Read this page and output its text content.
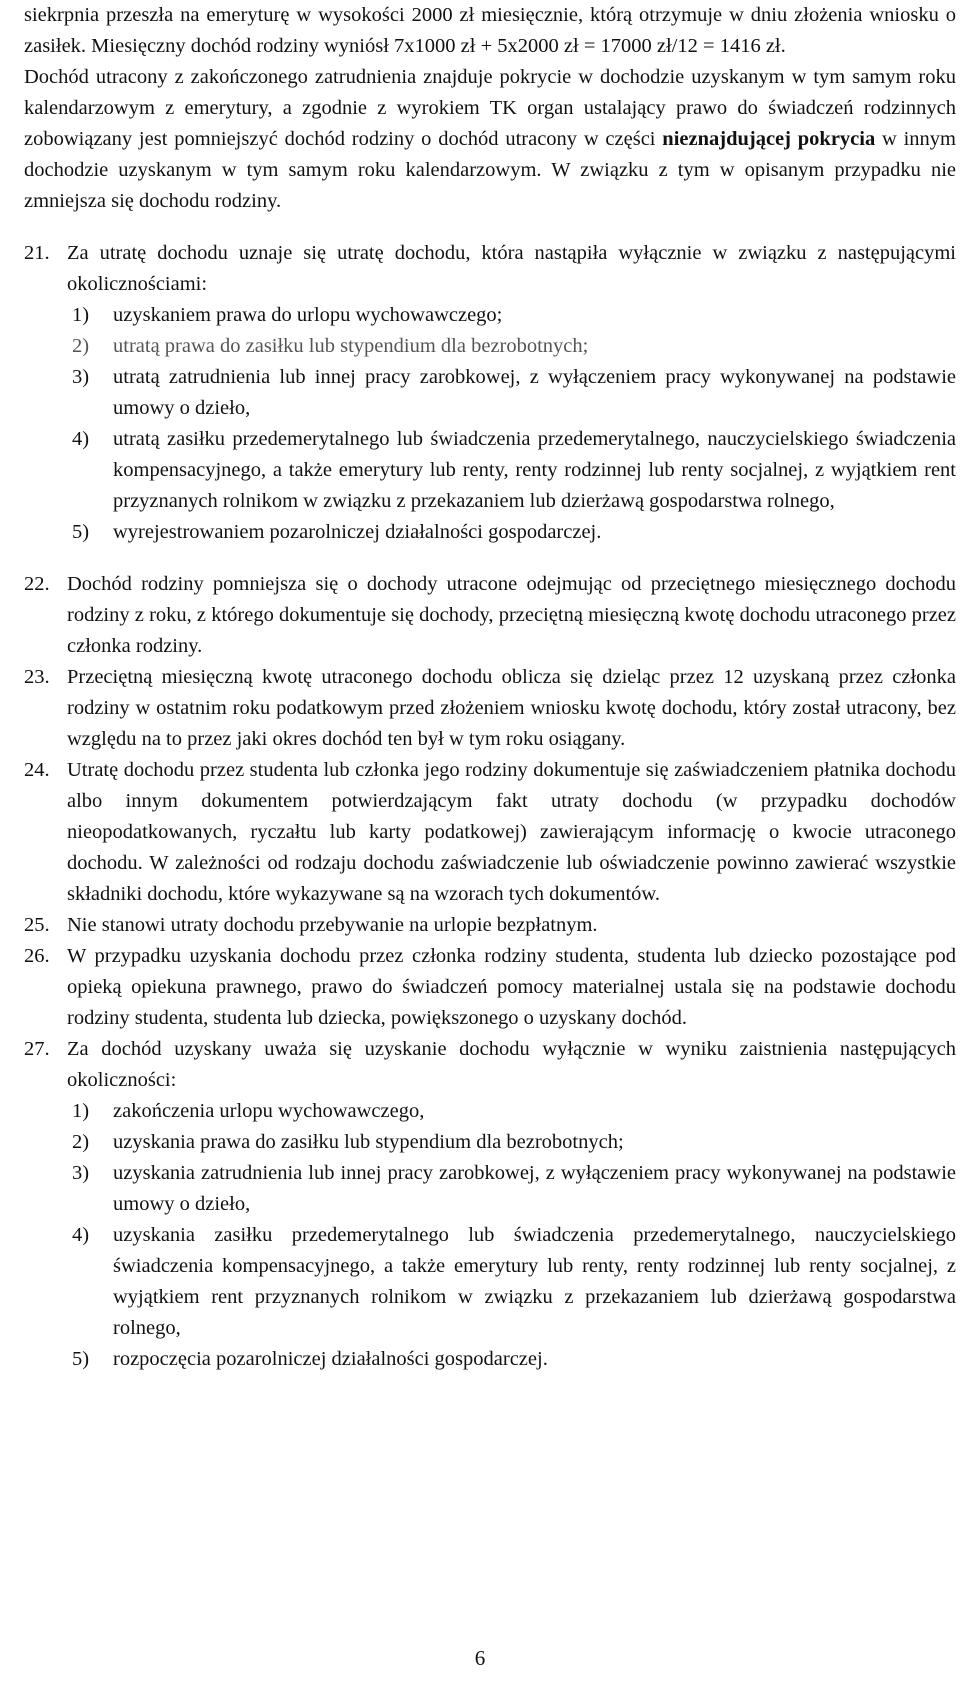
siekrpnia przeszła na emeryturę w wysokości 2000 zł miesięcznie, którą otrzymuje w dniu złożenia wniosku o zasiłek. Miesięczny dochód rodziny wyniósł 7x1000 zł + 5x2000 zł = 17000 zł/12 = 1416 zł.

Dochód utracony z zakończonego zatrudnienia znajduje pokrycie w dochodzie uzyskanym w tym samym roku kalendarzowym z emerytury, a zgodnie z wyrokiem TK organ ustalający prawo do świadczeń rodzinnych zobowiązany jest pomniejszyć dochód rodziny o dochód utracony w części nieznajdującej pokrycia w innym dochodzie uzyskanym w tym samym roku kalendarzowym. W związku z tym w opisanym przypadku nie zmniejsza się dochodu rodziny.

21. Za utratę dochodu uznaje się utratę dochodu, która nastąpiła wyłącznie w związku z następującymi okolicznościami:

1) uzyskaniem prawa do urlopu wychowawczego;
2) utratą prawa do zasiłku lub stypendium dla bezrobotnych;
3) utratą zatrudnienia lub innej pracy zarobkowej, z wyłączeniem pracy wykonywanej na podstawie umowy o dzieło,
4) utratą zasiłku przedemerytalnego lub świadczenia przedemerytalnego, nauczycielskiego świadczenia kompensacyjnego, a także emerytury lub renty, renty rodzinnej lub renty socjalnej, z wyjątkiem rent przyznanych rolnikom w związku z przekazaniem lub dzierżawą gospodarstwa rolnego,
5) wyrejestrowaniem pozarolniczej działalności gospodarczej.
22. Dochód rodziny pomniejsza się o dochody utracone odejmując od przeciętnego miesięcznego dochodu rodziny z roku, z którego dokumentuje się dochody, przeciętną miesięczną kwotę dochodu utraconego przez członka rodziny.

23. Przeciętną miesięczną kwotę utraconego dochodu oblicza się dzieląc przez 12 uzyskaną przez członka rodziny w ostatnim roku podatkowym przed złożeniem wniosku kwotę dochodu, który został utracony, bez względu na to przez jaki okres dochód ten był w tym roku osiągany.

24. Utratę dochodu przez studenta lub członka jego rodziny dokumentuje się zaświadczeniem płatnika dochodu albo innym dokumentem potwierdzającym fakt utraty dochodu (w przypadku dochodów nieopodatkowanych, ryczałtu lub karty podatkowej) zawierającym informację o kwocie utraconego dochodu. W zależności od rodzaju dochodu zaświadczenie lub oświadczenie powinno zawierać wszystkie składniki dochodu, które wykazywane są na wzorach tych dokumentów.

25. Nie stanowi utraty dochodu przebywanie na urlopie bezpłatnym.

26. W przypadku uzyskania dochodu przez członka rodziny studenta, studenta lub dziecko pozostające pod opieką opiekuna prawnego, prawo do świadczeń pomocy materialnej ustala się na podstawie dochodu rodziny studenta, studenta lub dziecka, powiększonego o uzyskany dochód.

27. Za dochód uzyskany uważa się uzyskanie dochodu wyłącznie w wyniku zaistnienia następujących okoliczności:

1) zakończenia urlopu wychowawczego,
2) uzyskania prawa do zasiłku lub stypendium dla bezrobotnych;
3) uzyskania zatrudnienia lub innej pracy zarobkowej, z wyłączeniem pracy wykonywanej na podstawie umowy o dzieło,
4) uzyskania zasiłku przedemerytalnego lub świadczenia przedemerytalnego, nauczycielskiego świadczenia kompensacyjnego, a także emerytury lub renty, renty rodzinnej lub renty socjalnej, z wyjątkiem rent przyznanych rolnikom w związku z przekazaniem lub dzierżawą gospodarstwa rolnego,
5) rozpoczęcia pozarolniczej działalności gospodarczej.
6
